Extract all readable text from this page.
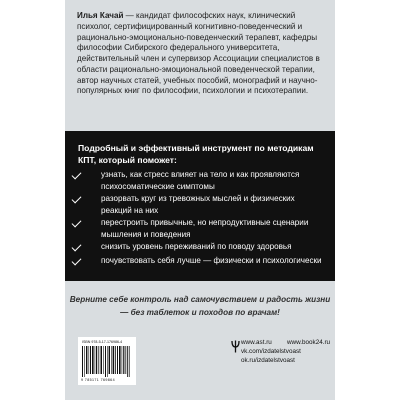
Илья Качай — кандидат философских наук, клинический психолог, сертифицированный когнитивно-поведенческий и рационально-эмоционально-поведенческий терапевт, кафедры философии Сибирского федерального университета, действительный член и супервизор Ассоциации специалистов в области рационально-эмоциональной поведенческой терапии, автор научных статей, учебных пособий, монографий и научно-популярных книг по философии, психологии и психотерапии.

Подробный и эффективный инструмент по методикам КПТ, который поможет:

узнать, как стресс влияет на тело и как проявляются психосоматические симптомы

разорвать круг из тревожных мыслей и физических реакций на них

перестроить привычные, но непродуктивные сценарии мышления и поведения

снизить уровень переживаний по поводу здоровья

почувствовать себя лучше — физически и психологически

Верните себе контроль над самочувствием и радость жизни — без таблеток и походов по врачам!

ISBN 978-5-17-176986-4
9 785171 769864
www.ast.ru	www.book24.ru
vk.com/izdatelstvoast
ok.ru/izdatelstvoast
